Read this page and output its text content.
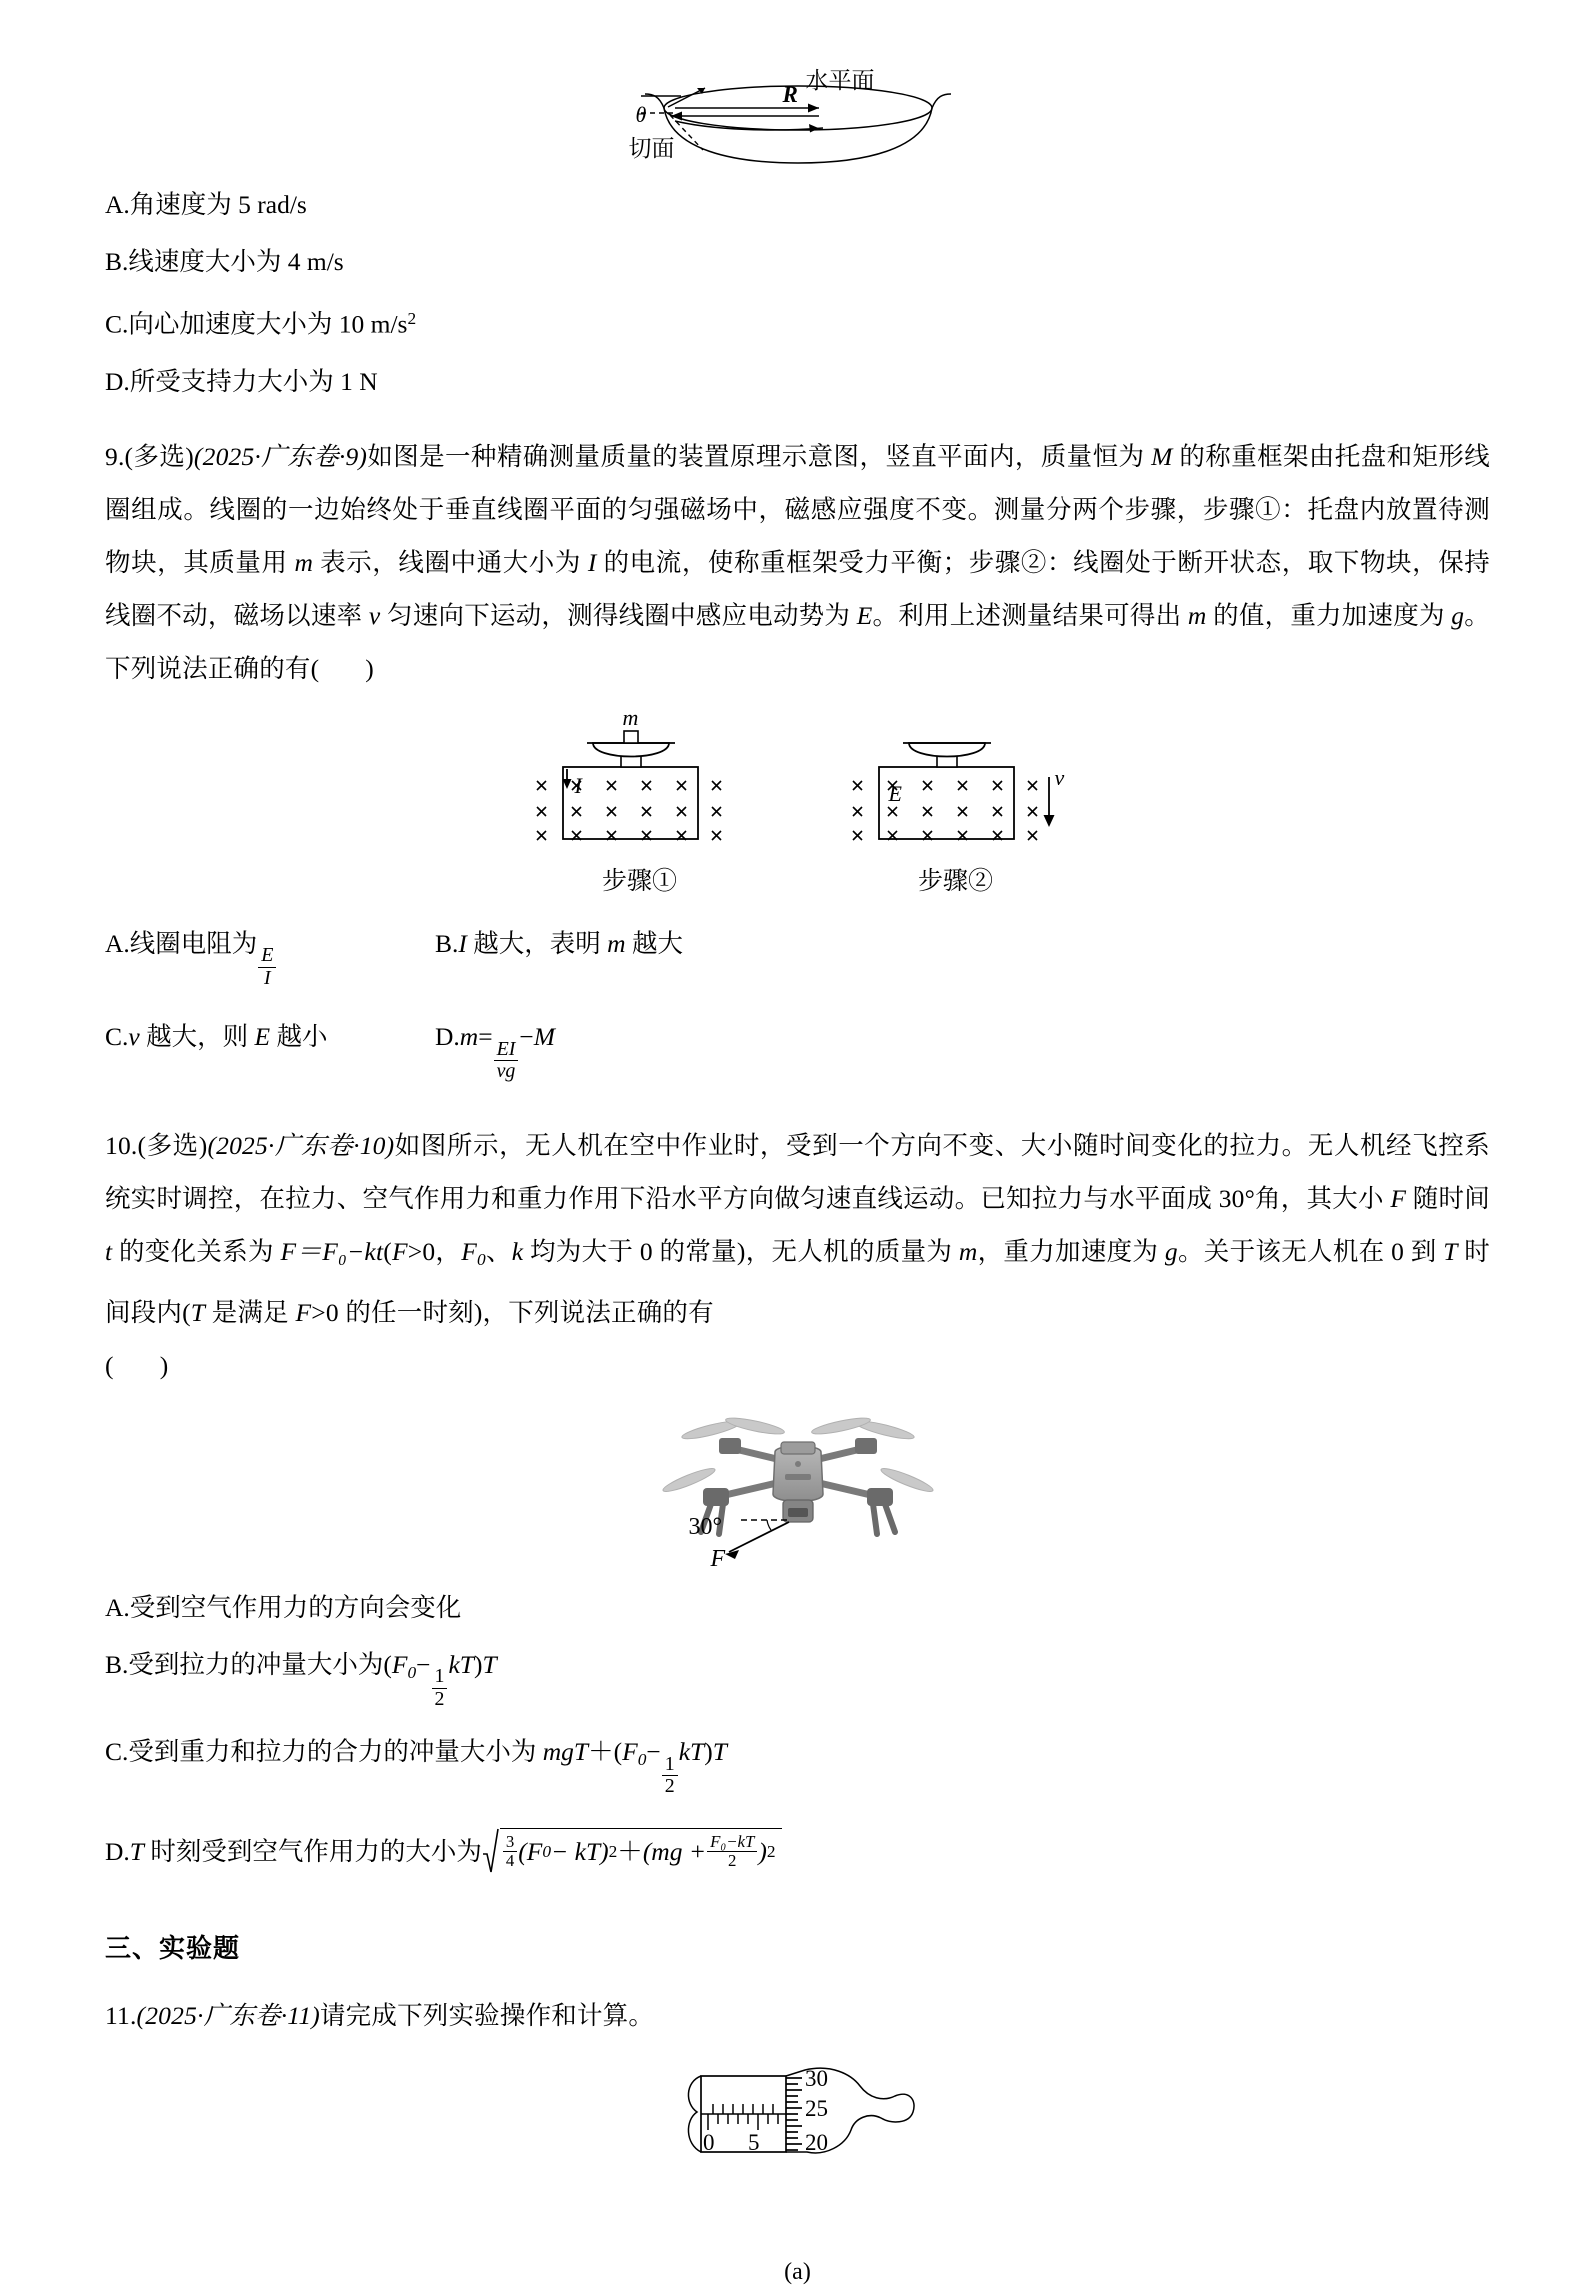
θ
R
水平面
切面
A.角速度为 5 rad/s
B.线速度大小为 4 m/s
C.向心加速度大小为 10 $m/s^2$
D.所受支持力大小为 1 N
9.(多选)(2025·广东卷·9)如图是一种精确测量质量的装置原理示意图，竖直平面内，质量恒为 M 的称重框架由托盘和矩形线圈组成。线圈的一边始终处于垂直线圈平面的匀强磁场中，磁感应强度不变。测量分两个步骤，步骤①：托盘内放置待测物块，其质量用 m 表示，线圈中通大小为 I 的电流，使称重框架受力平衡；步骤②：线圈处于断开状态，取下物块，保持线圈不动，磁场以速率 v 匀速向下运动，测得线圈中感应电动势为 E。利用上述测量结果可得出 m 的值，重力加速度为 g。下列说法正确的有( )
m
I
步骤①
E
v
步骤②
A.线圈电阻为
$\frac{E}{I}$
B.I 越大，表明 m 越大
C.v 越大，则 E 越小	D.m=
$\frac{EI}{vg}$
−M
10.(多选)(2025·广东卷·10)如图所示，无人机在空中作业时，受到一个方向不变、大小随时间变化的拉力。无人机经飞控系统实时调控，在拉力、空气作用力和重力作用下沿水平方向做匀速直线运动。已知拉力与水平面成 30°角，其大小 F 随时间 t 的变化关系为 F＝F₀−kt(F>0，$F_0$、k 均为大于 0 的常量)，无人机的质量为 m，重力加速度为 g。关于该无人机在 0 到 T 时间段内(T 是满足 F>0 的任一时刻)，下列说法正确的有
( )
30°
F
A.受到空气作用力的方向会变化
B.受到拉力的冲量大小为($F_0-$
$\frac{1}{2}$
kT)T
C.受到重力和拉力的合力的冲量大小为 $mgT+(F_0-$
$\frac{1}{2}$
kT)T
D.T 时刻受到空气作用力的大小为 $\frac{3}{4} (F$ 0 − kT) $2 + (mg + \frac{\text{F₀−kT}}{2}$ ) 2
三、实验题
11.(2025·广东卷·11)请完成下列实验操作和计算。
0 5
30
25
20
(a)
